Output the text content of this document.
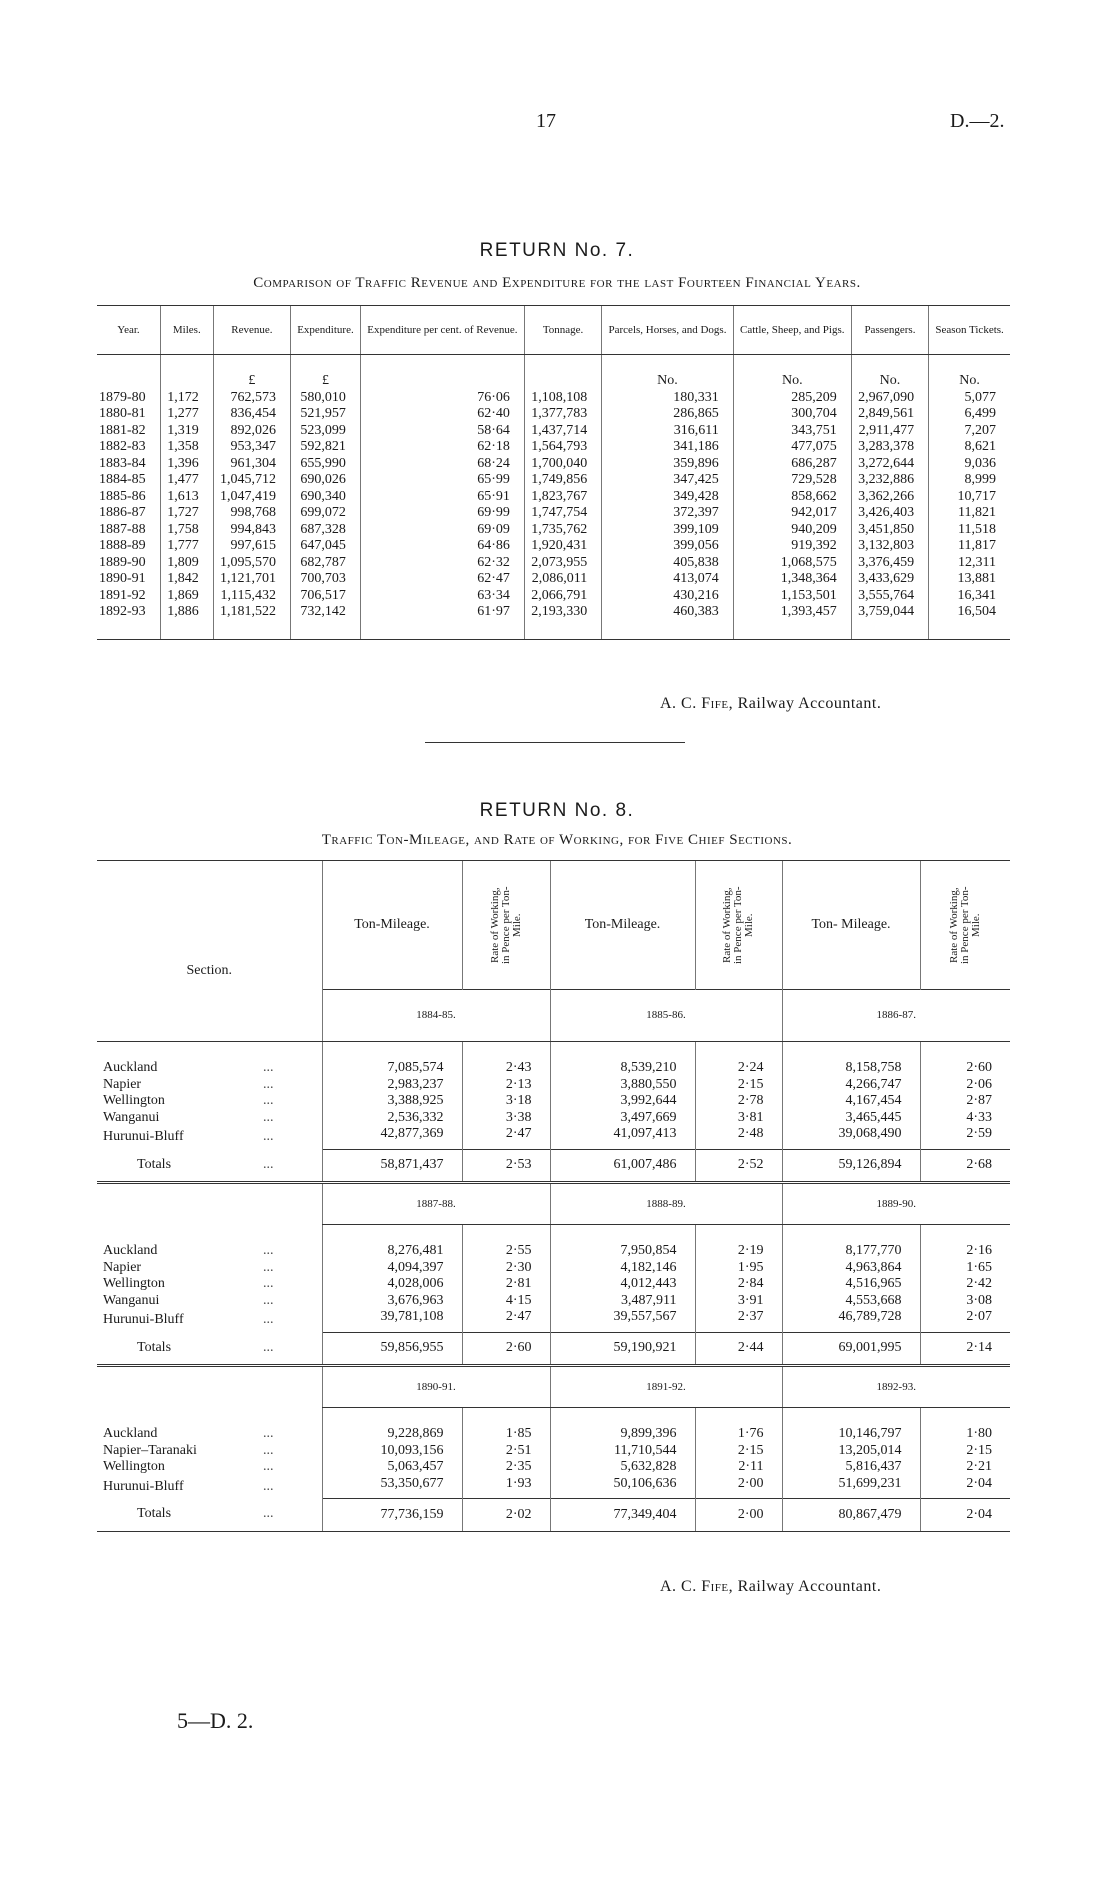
17	D.—2.
RETURN No. 7.
Comparison of Traffic Revenue and Expenditure for the last Fourteen Financial Years.
Year.	Miles.	Revenue.	Expenditure.	Expenditure per cent. of Revenue.	Tonnage.	Parcels, Horses, and Dogs.	Cattle, Sheep, and Pigs.	Passengers.	Season Tickets.
		£	£			No.	No.	No.	No.
1879-80	1,172	762,573	580,010	76·06	1,108,108	180,331	285,209	2,967,090	5,077
1880-81	1,277	836,454	521,957	62·40	1,377,783	286,865	300,704	2,849,561	6,499
1881-82	1,319	892,026	523,099	58·64	1,437,714	316,611	343,751	2,911,477	7,207
1882-83	1,358	953,347	592,821	62·18	1,564,793	341,186	477,075	3,283,378	8,621
1883-84	1,396	961,304	655,990	68·24	1,700,040	359,896	686,287	3,272,644	9,036
1884-85	1,477	1,045,712	690,026	65·99	1,749,856	347,425	729,528	3,232,886	8,999
1885-86	1,613	1,047,419	690,340	65·91	1,823,767	349,428	858,662	3,362,266	10,717
1886-87	1,727	998,768	699,072	69·99	1,747,754	372,397	942,017	3,426,403	11,821
1887-88	1,758	994,843	687,328	69·09	1,735,762	399,109	940,209	3,451,850	11,518
1888-89	1,777	997,615	647,045	64·86	1,920,431	399,056	919,392	3,132,803	11,817
1889-90	1,809	1,095,570	682,787	62·32	2,073,955	405,838	1,068,575	3,376,459	12,311
1890-91	1,842	1,121,701	700,703	62·47	2,086,011	413,074	1,348,364	3,433,629	13,881
1891-92	1,869	1,115,432	706,517	63·34	2,066,791	430,216	1,153,501	3,555,764	16,341
1892-93	1,886	1,181,522	732,142	61·97	2,193,330	460,383	1,393,457	3,759,044	16,504
A. C. Fife, Railway Accountant.
RETURN No. 8.
Traffic Ton-Mileage, and Rate of Working, for Five Chief Sections.
Section.	Ton-Mileage.	Rate of Working, in Pence per Ton-Mile.	Ton-Mileage.	Rate of Working, in Pence per Ton-Mile.	Ton- Mileage.	Rate of Working, in Pence per Ton-Mile.

	1884-85.		1885-86.		1886-87.	
Auckland ...	7,085,574	2·43	8,539,210	2·24	8,158,758	2·60
Napier ...	2,983,237	2·13	3,880,550	2·15	4,266,747	2·06
Wellington ...	3,388,925	3·18	3,992,644	2·78	4,167,454	2·87
Wanganui ...	2,536,332	3·38	3,497,669	3·81	3,465,445	4·33
Hurunui-Bluff ...	42,877,369	2·47	41,097,413	2·48	39,068,490	2·59
Totals ...	58,871,437	2·53	61,007,486	2·52	59,126,894	2·68
	1887-88.		1888-89.		1889-90.	
Auckland ...	8,276,481	2·55	7,950,854	2·19	8,177,770	2·16
Napier ...	4,094,397	2·30	4,182,146	1·95	4,963,864	1·65
Wellington ...	4,028,006	2·81	4,012,443	2·84	4,516,965	2·42
Wanganui ...	3,676,963	4·15	3,487,911	3·91	4,553,668	3·08
Hurunui-Bluff ...	39,781,108	2·47	39,557,567	2·37	46,789,728	2·07
Totals ...	59,856,955	2·60	59,190,921	2·44	69,001,995	2·14
	1890-91.		1891-92.		1892-93.	
Auckland ...	9,228,869	1·85	9,899,396	1·76	10,146,797	1·80
Napier–Taranaki ...	10,093,156	2·51	11,710,544	2·15	13,205,014	2·15
Wellington ...	5,063,457	2·35	5,632,828	2·11	5,816,437	2·21
Hurunui-Bluff ...	53,350,677	1·93	50,106,636	2·00	51,699,231	2·04
Totals ...	77,736,159	2·02	77,349,404	2·00	80,867,479	2·04
A. C. Fife, Railway Accountant.
5—D. 2.
